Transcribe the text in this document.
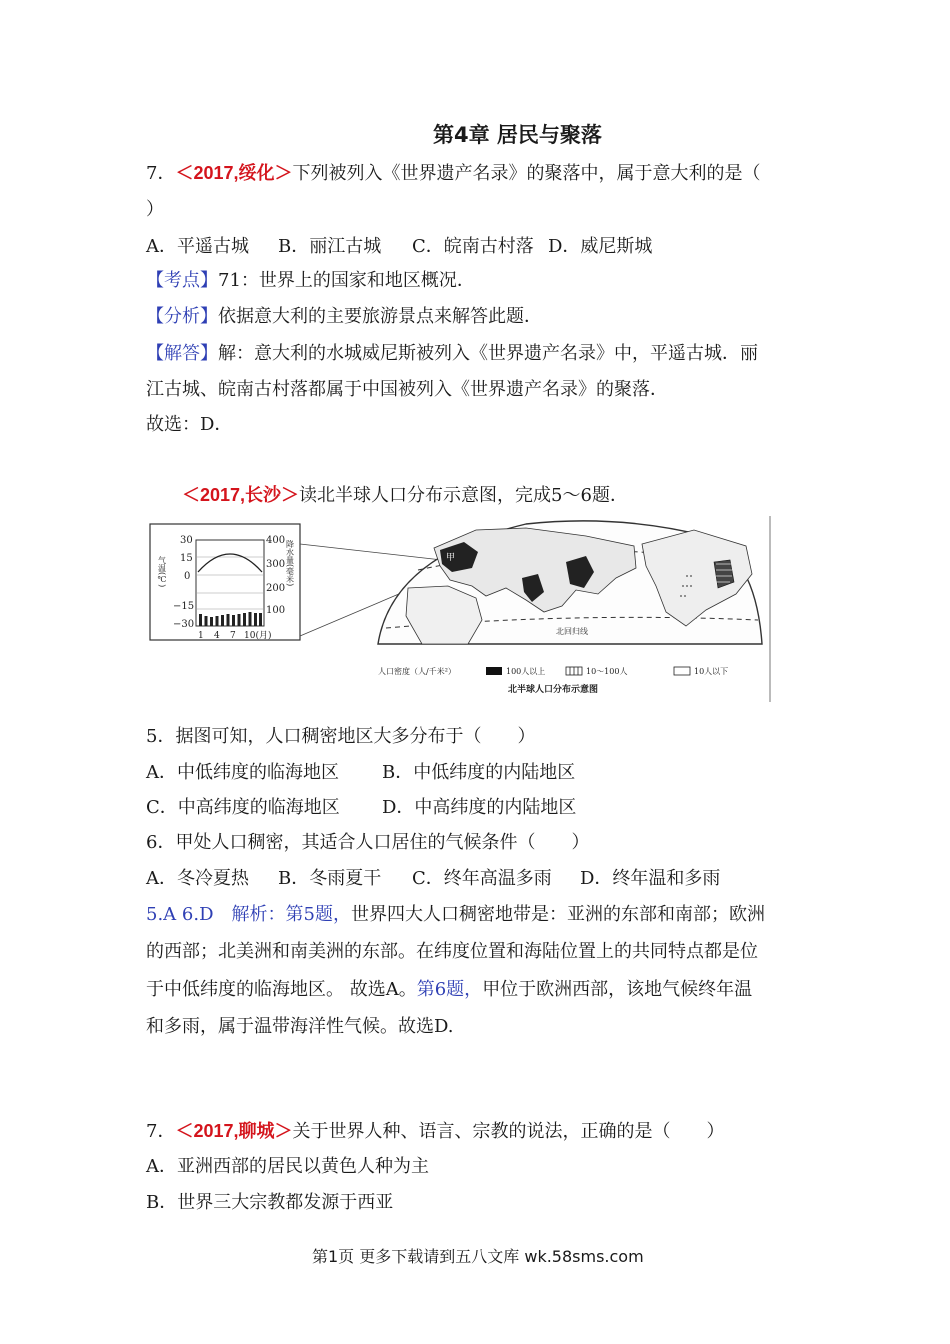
第4章 居民与聚落
7．＜2017,绥化＞下列被列入《世界遗产名录》的聚落中，属于意大利的是（
）
A．平遥古城 B．丽江古城 C．皖南古村落 D．威尼斯城
【考点】71：世界上的国家和地区概况．
【分析】依据意大利的主要旅游景点来解答此题．
【解答】解：意大利的水城威尼斯被列入《世界遗产名录》中，平遥古城．丽
江古城、皖南古村落都属于中国被列入《世界遗产名录》的聚落．
故选：D．
＜2017,长沙＞读北半球人口分布示意图，完成5～6题．
气温(℃)	降水量(毫米)
30
15
0
−15
−30
400
300
200
100
1 4 7 10(月)	北回归线
甲
人口密度（人/千米²）	100人以上	10～100人	10人以下
北半球人口分布示意图
5．据图可知，人口稠密地区大多分布于（　　）
A．中低纬度的临海地区 B．中低纬度的内陆地区
C．中高纬度的临海地区 D．中高纬度的内陆地区
6．甲处人口稠密，其适合人口居住的气候条件（　　）
A．冬冷夏热 B．冬雨夏干 C．终年高温多雨 D．终年温和多雨
5.A 6.D　解析：第5题，世界四大人口稠密地带是：亚洲的东部和南部；欧洲
的西部；北美洲和南美洲的东部。在纬度位置和海陆位置上的共同特点都是位
于中低纬度的临海地区。 故选A。第6题，甲位于欧洲西部，该地气候终年温
和多雨，属于温带海洋性气候。故选D.
7．＜2017,聊城＞关于世界人种、语言、宗教的说法，正确的是（　　）
A．亚洲西部的居民以黄色人种为主
B．世界三大宗教都发源于西亚
第1页 更多下载请到五八文库 wk.58sms.com
